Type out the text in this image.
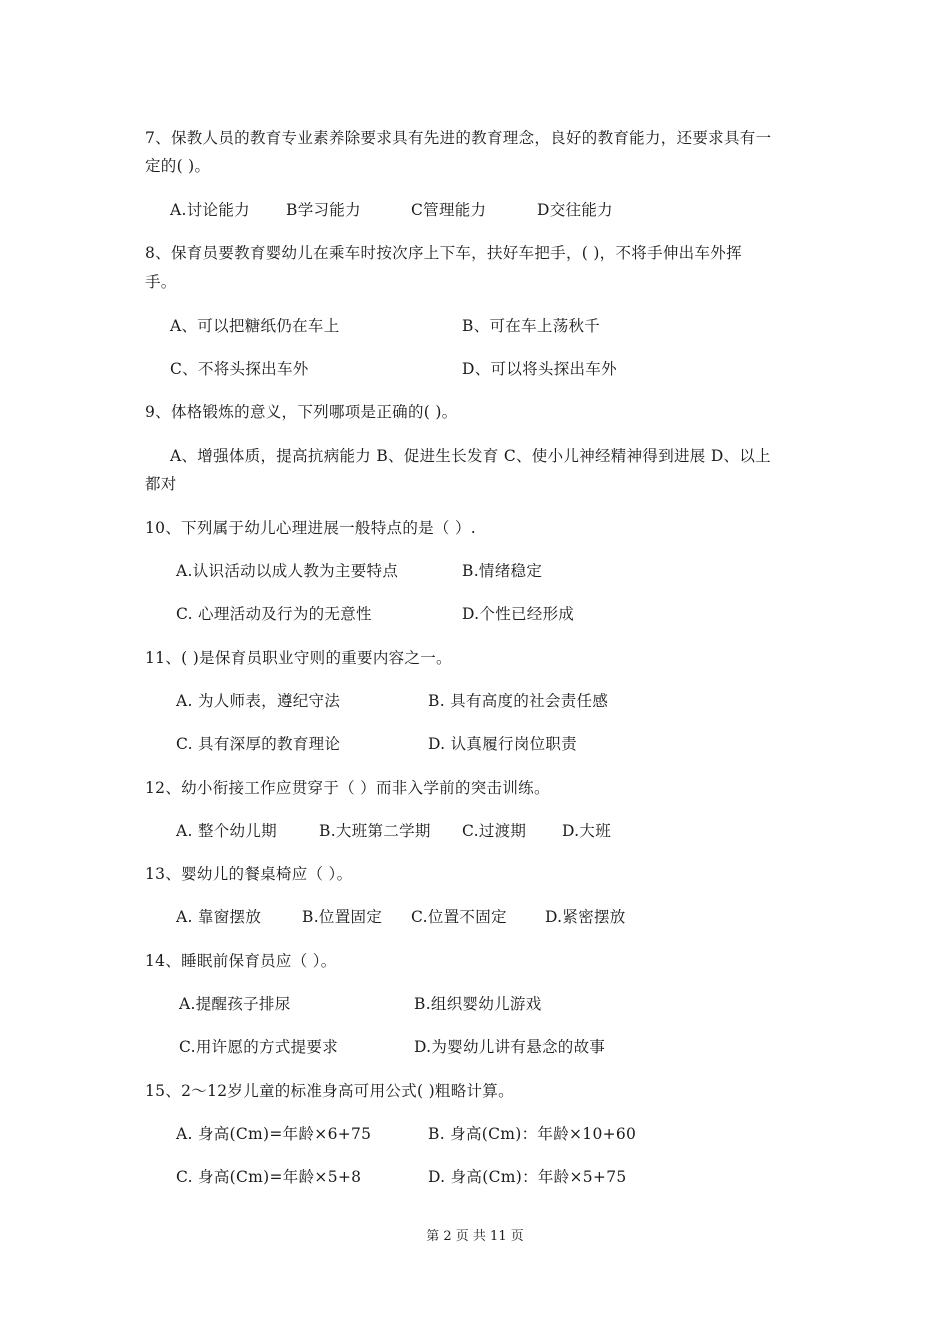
7、保教人员的教育专业素养除要求具有先进的教育理念，良好的教育能力，还要求具有一
定的( )。
A.讨论能力 B学习能力	C管理能力	D交往能力
8、保育员要教育婴幼儿在乘车时按次序上下车，扶好车把手，( )，不将手伸出车外挥
手。
A、可以把糖纸仍在车上	B、可在车上荡秋千
C、不将头探出车外	D、可以将头探出车外
9、体格锻炼的意义，下列哪项是正确的( )。
A、增强体质，提高抗病能力 B、促进生长发育 C、使小儿神经精神得到进展 D、以上
都对
10、下列属于幼儿心理进展一般特点的是（ ）.
A.认识活动以成人教为主要特点	B.情绪稳定
C. 心理活动及行为的无意性	D.个性已经形成
11、( )是保育员职业守则的重要内容之一。
A. 为人师表，遵纪守法	B. 具有高度的社会责任感
C. 具有深厚的教育理论	D. 认真履行岗位职责
12、幼小衔接工作应贯穿于（ ）而非入学前的突击训练。
A. 整个幼儿期	B.大班第二学期 C.过渡期 D.大班
13、婴幼儿的餐桌椅应（ ）。
A. 靠窗摆放	B.位置固定 C.位置不固定 D.紧密摆放
14、睡眠前保育员应（ ）。
A.提醒孩子排尿	B.组织婴幼儿游戏
C.用许愿的方式提要求	D.为婴幼儿讲有悬念的故事
15、2～12岁儿童的标准身高可用公式( )粗略计算。
A. 身高(Cm)=年龄×6+75	B. 身高(Cm)：年龄×10+60
C. 身高(Cm)=年龄×5+8	D. 身高(Cm)：年龄×5+75
第 2 页 共 11 页
